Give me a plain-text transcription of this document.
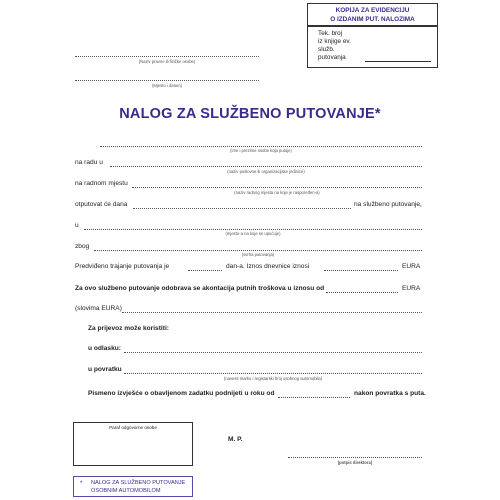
KOPIJA ZA EVIDENCIJU
O IZDANIM PUT. NALOZIMA
Tek. broj
iz knjige ev.
služb.
putovanja
(Naziv pravne ili fizičke osobe)
(Mjesto i datum)
NALOG ZA SLUŽBENO PUTOVANJE*
(ime i prezime osobe koja putuje)
na radu u
(naziv poslovne ili organizacijske jedinice)
na radnom mjestu
(naziv radnog mjesta na koje je raspoređen-a)
otputovat će dana	na službeno putovanje,
u
(mjesto-a na koje se upućuje)
zbog
(svrha putovanja)
Predviđeno trajanje putovanja je	dan-a. Iznos dnevnice iznosi	EURA
Za ovo službeno putovanje odobrava se akontacija putnih troškova u iznosu od	EURA
(slovima EURA)
Za prijevoz može koristiti:
u odlasku:
u povratku
(navesti marku i registarski broj osobnog automobila)
Pismeno izvješće o obavljenom zadatku podnijeti u roku od	nakon povratka s puta.
Paraf odgovorne osobe
M. P.
(potpis direktora)
* NALOG ZA SLUŽBENO PUTOVANJE
OSOBNIM AUTOMOBILOM
